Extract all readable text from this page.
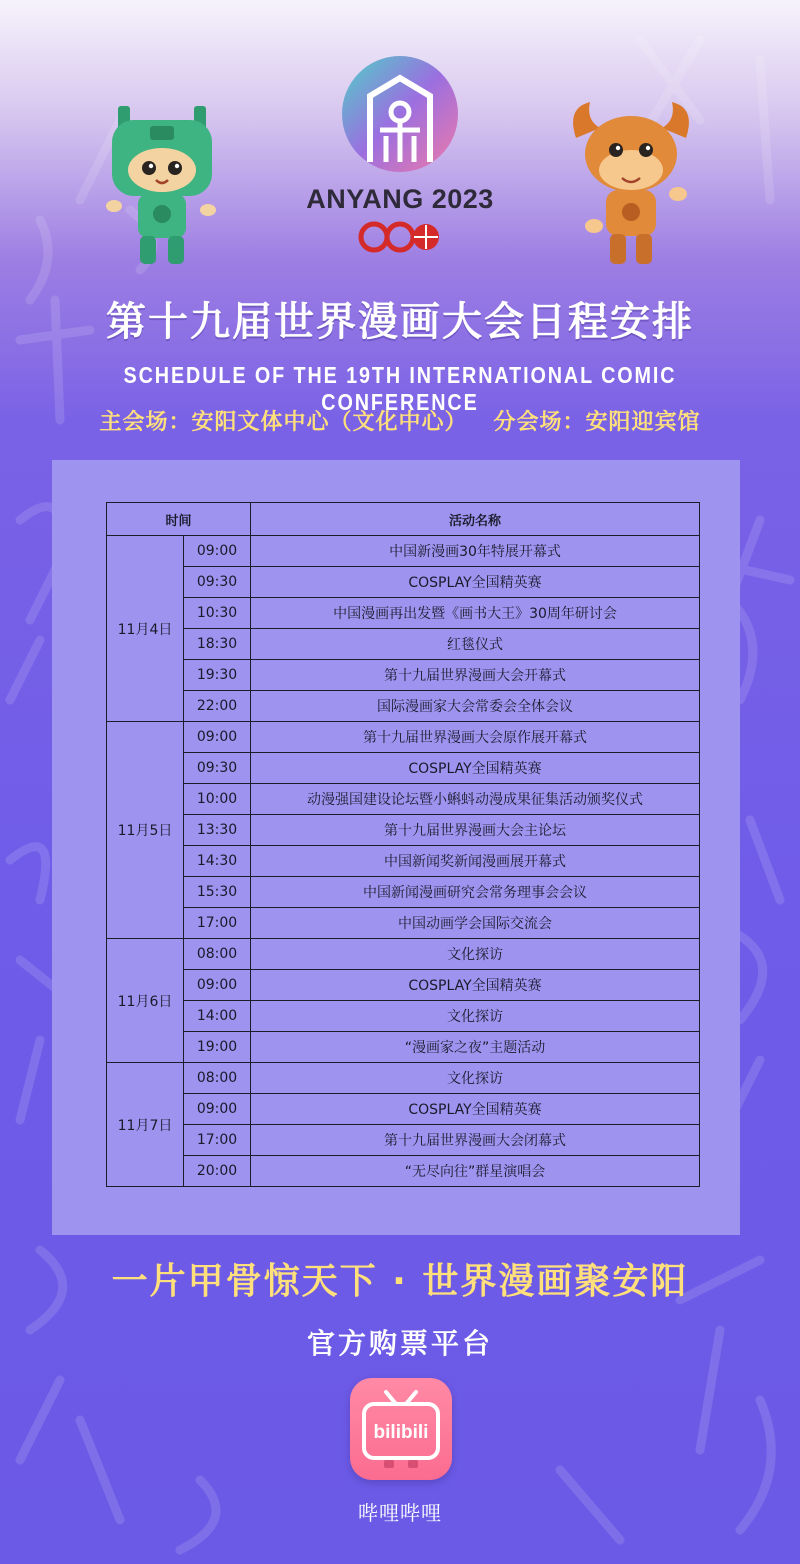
ANYANG 2023
第十九届世界漫画大会日程安排
SCHEDULE OF THE 19TH INTERNATIONAL COMIC CONFERENCE
主会场：安阳文体中心（文化中心） 分会场：安阳迎宾馆
时间		活动名称
11月4日	09:00	中国新漫画30年特展开幕式
	09:30	COSPLAY全国精英赛
	10:30	中国漫画再出发暨《画书大王》30周年研讨会
	18:30	红毯仪式
	19:30	第十九届世界漫画大会开幕式
	22:00	国际漫画家大会常委会全体会议
11月5日	09:00	第十九届世界漫画大会原作展开幕式
	09:30	COSPLAY全国精英赛
	10:00	动漫强国建设论坛暨小蝌蚪动漫成果征集活动颁奖仪式
	13:30	第十九届世界漫画大会主论坛
	14:30	中国新闻奖新闻漫画展开幕式
	15:30	中国新闻漫画研究会常务理事会会议
	17:00	中国动画学会国际交流会
11月6日	08:00	文化探访
	09:00	COSPLAY全国精英赛
	14:00	文化探访
	19:00	“漫画家之夜”主题活动
11月7日	08:00	文化探访
	09:00	COSPLAY全国精英赛
	17:00	第十九届世界漫画大会闭幕式
	20:00	“无尽向往”群星演唱会
一片甲骨惊天下 · 世界漫画聚安阳
官方购票平台
bilibili
哔哩哔哩
